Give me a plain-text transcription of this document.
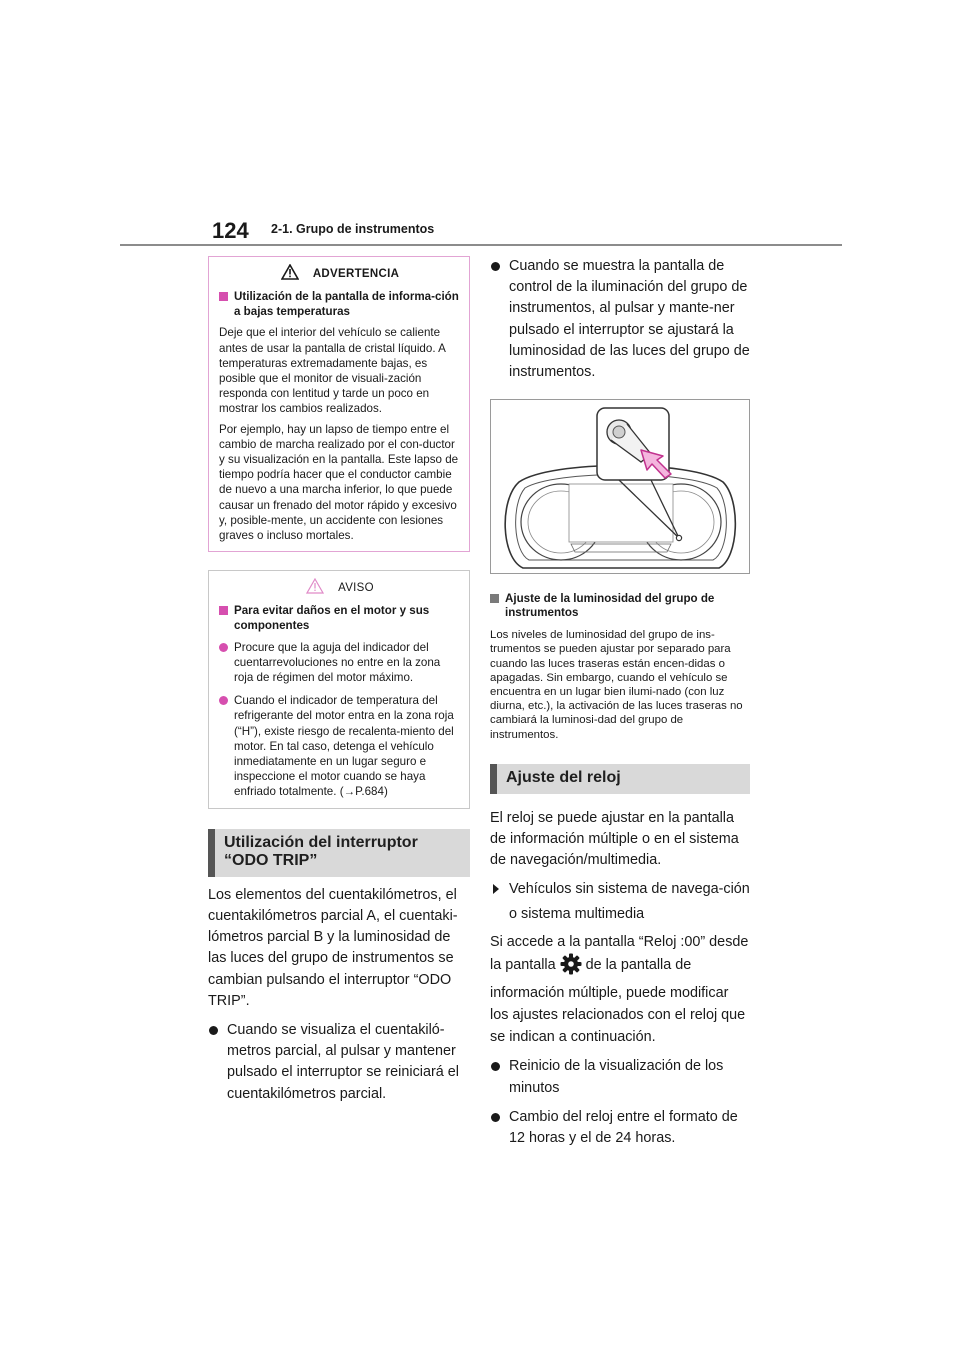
124 2-1. Grupo de instrumentos
ADVERTENCIA
Utilización de la pantalla de informa-ción a bajas temperaturas

Deje que el interior del vehículo se caliente antes de usar la pantalla de cristal líquido. A temperaturas extremadamente bajas, es posible que el monitor de visuali-zación responda con lentitud y tarde un poco en mostrar los cambios realizados.

Por ejemplo, hay un lapso de tiempo entre el cambio de marcha realizado por el con-ductor y su visualización en la pantalla. Este lapso de tiempo podría hacer que el conductor cambie de nuevo a una marcha inferior, lo que puede causar un frenado del motor rápido y excesivo y, posible-mente, un accidente con lesiones graves o incluso mortales.

AVISO
Para evitar daños en el motor y sus componentes
Procure que la aguja del indicador del cuentarrevoluciones no entre en la zona roja de régimen del motor máximo.
Cuando el indicador de temperatura del refrigerante del motor entra en la zona roja (“H”), existe riesgo de recalenta-miento del motor. En tal caso, detenga el vehículo inmediatamente en un lugar seguro e inspeccione el motor cuando se haya enfriado totalmente. (→P.684)
Utilización del interruptor “ODO TRIP”
Los elementos del cuentakilómetros, el cuentakilómetros parcial A, el cuentaki-lómetros parcial B y la luminosidad de las luces del grupo de instrumentos se cambian pulsando el interruptor “ODO TRIP”.
Cuando se visualiza el cuentakiló-metros parcial, al pulsar y mantener pulsado el interruptor se reiniciará el cuentakilómetros parcial.
Cuando se muestra la pantalla de control de la iluminación del grupo de instrumentos, al pulsar y mante-ner pulsado el interruptor se ajustará la luminosidad de las luces del grupo de instrumentos.
Ajuste de la luminosidad del grupo de instrumentos
Los niveles de luminosidad del grupo de ins-trumentos se pueden ajustar por separado para cuando las luces traseras están encen-didas o apagadas. Sin embargo, cuando el vehículo se encuentra en un lugar bien ilumi-nado (con luz diurna, etc.), la activación de las luces traseras no cambiará la luminosi-dad del grupo de instrumentos.
Ajuste del reloj
El reloj se puede ajustar en la pantalla de información múltiple o en el sistema de navegación/multimedia.
Vehículos sin sistema de navega-ción o sistema multimedia
Si accede a la pantalla “Reloj :00” desde la pantalla de la pantalla de información múltiple, puede modificar los ajustes relacionados con el reloj que se indican a continuación.
Reinicio de la visualización de los minutos
Cambio del reloj entre el formato de 12 horas y el de 24 horas.
